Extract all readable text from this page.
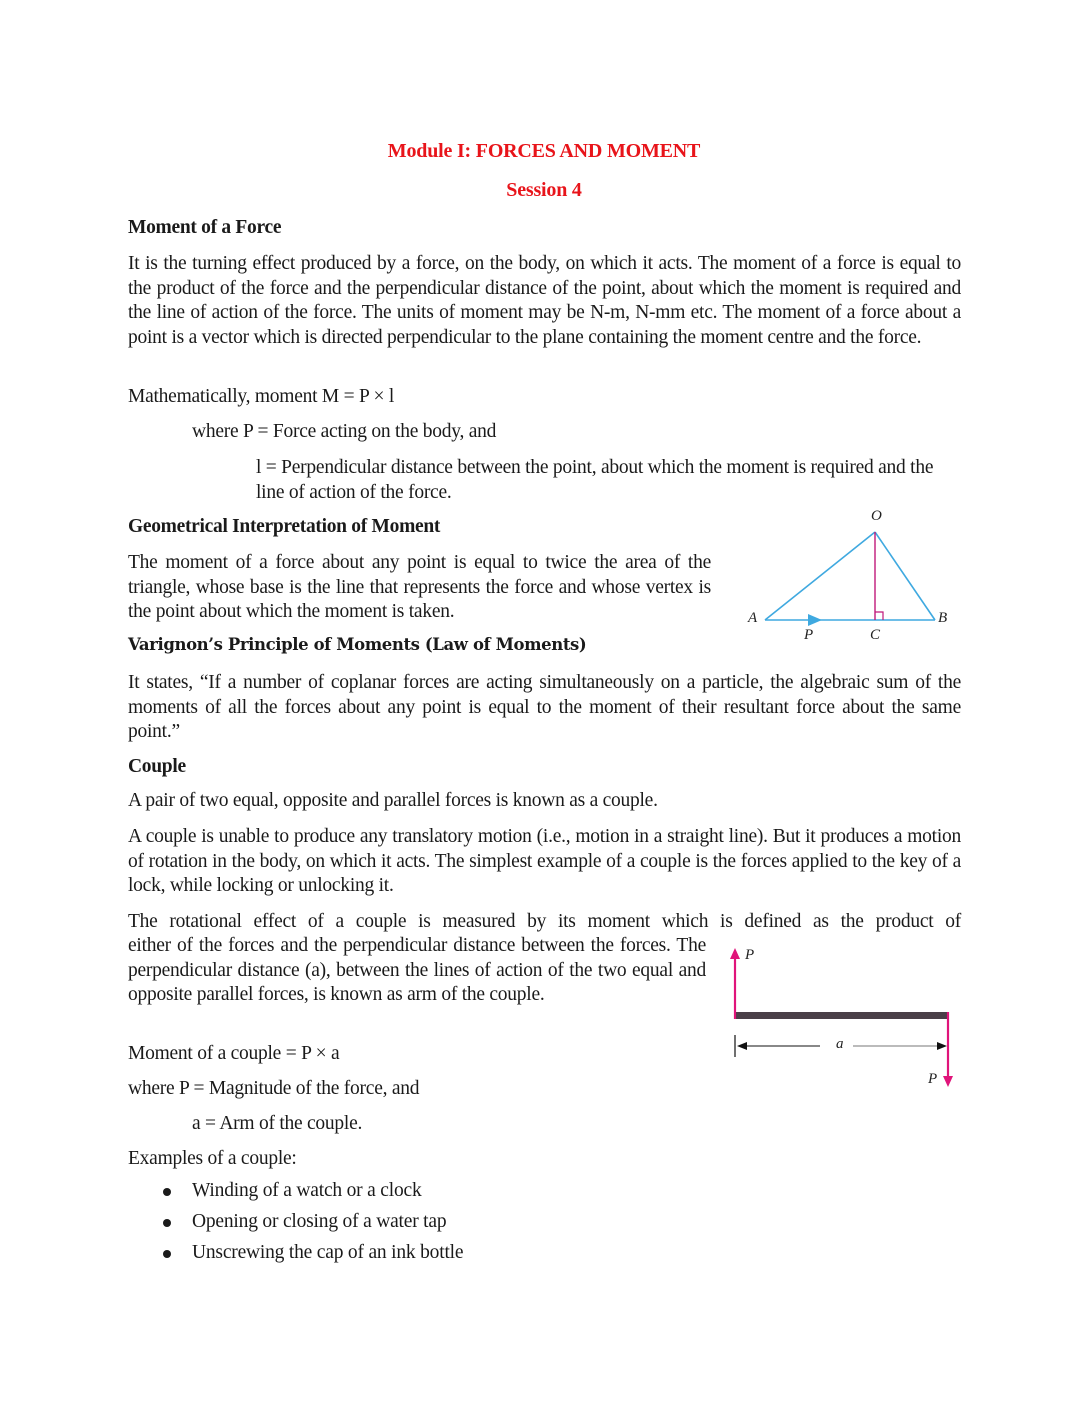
Module I: FORCES AND MOMENT
Session 4
Moment of a Force
It is the turning effect produced by a force, on the body, on which it acts. The moment of a force is equal to the product of the force and the perpendicular distance of the point, about which the moment is required and the line of action of the force. The units of moment may be N-m, N-mm etc. The moment of a force about a point is a vector which is directed perpendicular to the plane containing the moment centre and the force.
Mathematically, moment M = P × l
where P = Force acting on the body, and
l = Perpendicular distance between the point, about which the moment is required and the line of action of the force.
Geometrical Interpretation of Moment
The moment of a force about any point is equal to twice the area of the triangle, whose base is the line that represents the force and whose vertex is the point about which the moment is taken.
O
A	B
C
P
Varignon’s Principle of Moments (Law of Moments)
It states, “If a number of coplanar forces are acting simultaneously on a particle, the algebraic sum of the moments of all the forces about any point is equal to the moment of their resultant force about the same point.”
Couple
A pair of two equal, opposite and parallel forces is known as a couple.
A couple is unable to produce any translatory motion (i.e., motion in a straight line). But it produces a motion of rotation in the body, on which it acts. The simplest example of a couple is the forces applied to the key of a lock, while locking or unlocking it.
The rotational effect of a couple is measured by its moment which is defined as the product of
either of the forces and the perpendicular distance between the forces. The perpendicular distance (a), between the lines of action of the two equal and opposite parallel forces, is known as arm of the couple.
P
P
a
Moment of a couple = P × a
where P = Magnitude of the force, and
a = Arm of the couple.
Examples of a couple:
Winding of a watch or a clock
Opening or closing of a water tap
Unscrewing the cap of an ink bottle
